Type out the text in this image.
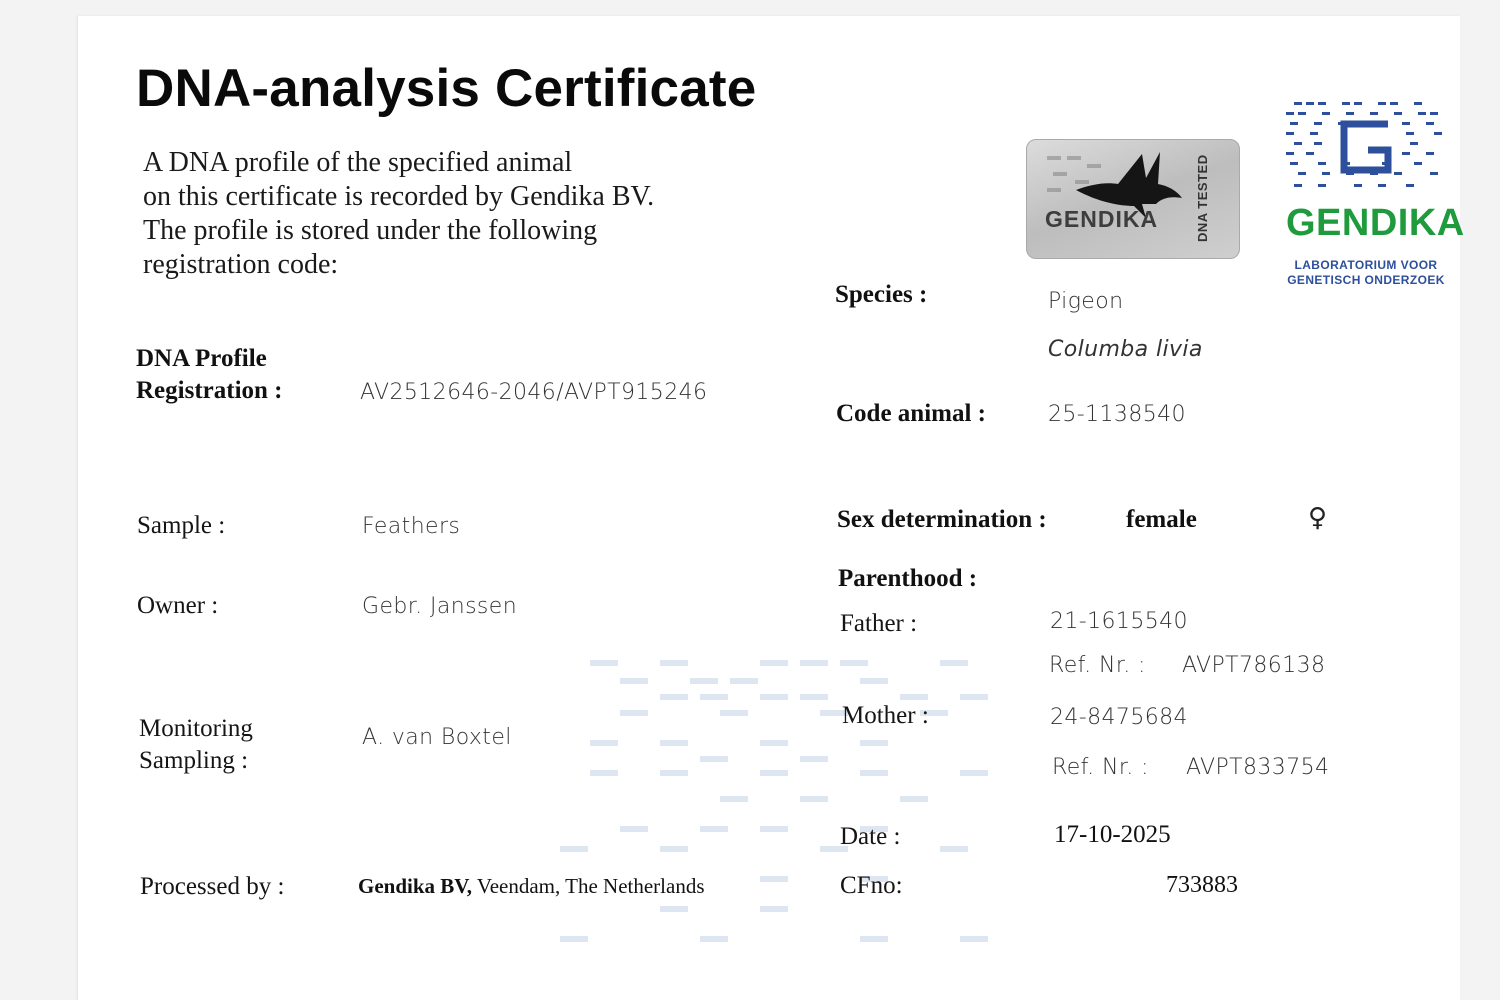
DNA-analysis Certificate
A DNA profile of the specified animal
on this certificate is recorded by Gendika BV.
The profile is stored under the following
registration code:
GENDIKA	DNA TESTED	GENDIKA
LABORATORIUM VOOR
GENETISCH ONDERZOEK
DNA Profile
Registration :	AV2512646-2046/AVPT915246
Sample :	Feathers
Owner :	Gebr. Janssen
Monitoring
Sampling :
A. van Boxtel
Processed by :	Gendika BV, Veendam, The Netherlands
Species :	Pigeon
Columba livia
Code animal :	25-1138540
Sex determination :	female	♀
Parenthood :
Father :	21-1615540
Ref. Nr. : AVPT786138
Mother :	24-8475684
Ref. Nr. : AVPT833754
Date :	17-10-2025
CFno:	733883
